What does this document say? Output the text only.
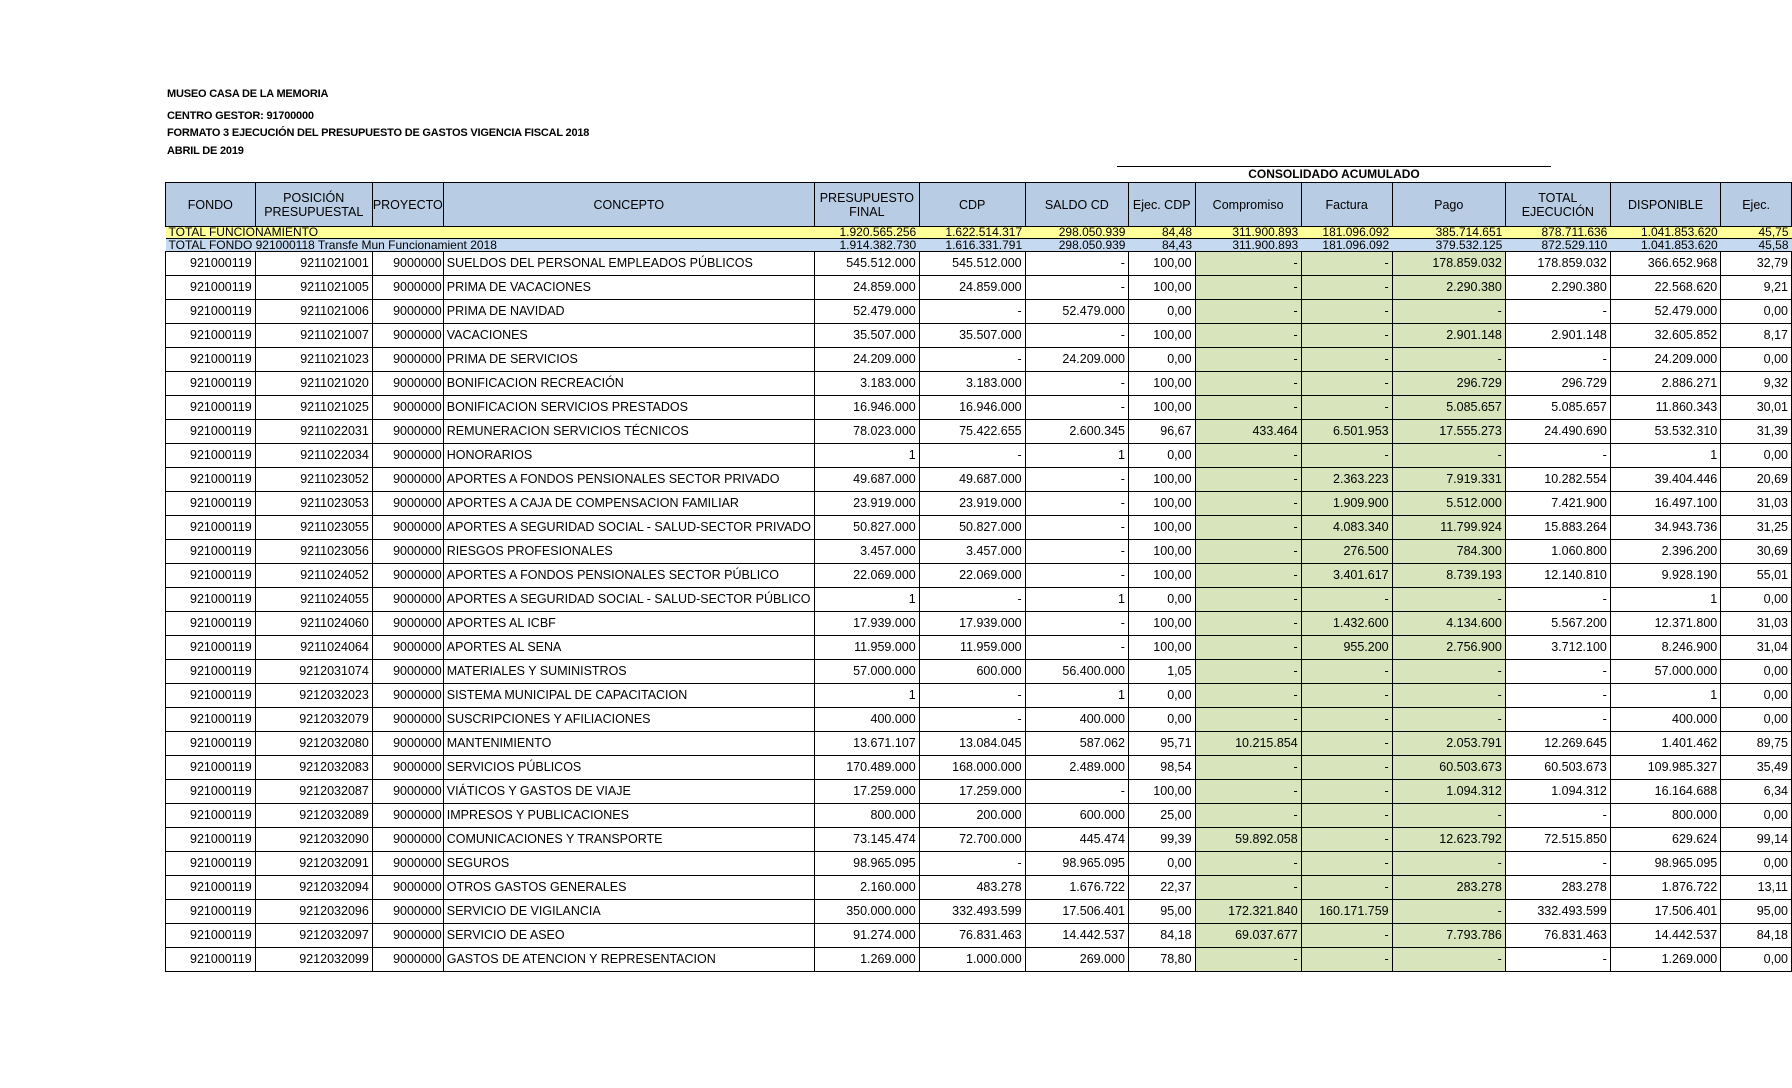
MUSEO CASA DE LA MEMORIA
CENTRO GESTOR: 91700000
FORMATO 3 EJECUCIÓN DEL PRESUPUESTO DE GASTOS VIGENCIA FISCAL 2018
ABRIL DE 2019
CONSOLIDADO ACUMULADO
FONDO	POSICIÓN PRESUPUESTAL	PROYECTO	CONCEPTO	PRESUPUESTO FINAL	CDP	SALDO CD	Ejec. CDP	Compromiso	Factura	Pago	TOTAL EJECUCIÓN	DISPONIBLE	Ejec.
TOTAL FUNCIONAMIENTO				1.920.565.256	1.622.514.317	298.050.939	84,48	311.900.893	181.096.092	385.714.651	878.711.636	1.041.853.620	45,75
TOTAL FONDO 921000118 Transfe Mun Funcionamient 2018				1.914.382.730	1.616.331.791	298.050.939	84,43	311.900.893	181.096.092	379.532.125	872.529.110	1.041.853.620	45,58
921000119	9211021001	9000000	SUELDOS DEL PERSONAL EMPLEADOS PÚBLICOS	545.512.000	545.512.000	-	100,00	-	-	178.859.032	178.859.032	366.652.968	32,79
921000119	9211021005	9000000	PRIMA DE VACACIONES	24.859.000	24.859.000	-	100,00	-	-	2.290.380	2.290.380	22.568.620	9,21
921000119	9211021006	9000000	PRIMA DE NAVIDAD	52.479.000	-	52.479.000	0,00	-	-	-	-	52.479.000	0,00
921000119	9211021007	9000000	VACACIONES	35.507.000	35.507.000	-	100,00	-	-	2.901.148	2.901.148	32.605.852	8,17
921000119	9211021023	9000000	PRIMA DE SERVICIOS	24.209.000	-	24.209.000	0,00	-	-	-	-	24.209.000	0,00
921000119	9211021020	9000000	BONIFICACION RECREACIÓN	3.183.000	3.183.000	-	100,00	-	-	296.729	296.729	2.886.271	9,32
921000119	9211021025	9000000	BONIFICACION SERVICIOS PRESTADOS	16.946.000	16.946.000	-	100,00	-	-	5.085.657	5.085.657	11.860.343	30,01
921000119	9211022031	9000000	REMUNERACION SERVICIOS TÉCNICOS	78.023.000	75.422.655	2.600.345	96,67	433.464	6.501.953	17.555.273	24.490.690	53.532.310	31,39
921000119	9211022034	9000000	HONORARIOS	1	-	1	0,00	-	-	-	-	1	0,00
921000119	9211023052	9000000	APORTES A FONDOS PENSIONALES SECTOR PRIVADO	49.687.000	49.687.000	-	100,00	-	2.363.223	7.919.331	10.282.554	39.404.446	20,69
921000119	9211023053	9000000	APORTES A CAJA DE COMPENSACION FAMILIAR	23.919.000	23.919.000	-	100,00	-	1.909.900	5.512.000	7.421.900	16.497.100	31,03
921000119	9211023055	9000000	APORTES A SEGURIDAD SOCIAL - SALUD-SECTOR PRIVADO	50.827.000	50.827.000	-	100,00	-	4.083.340	11.799.924	15.883.264	34.943.736	31,25
921000119	9211023056	9000000	RIESGOS PROFESIONALES	3.457.000	3.457.000	-	100,00	-	276.500	784.300	1.060.800	2.396.200	30,69
921000119	9211024052	9000000	APORTES A FONDOS PENSIONALES SECTOR PÚBLICO	22.069.000	22.069.000	-	100,00	-	3.401.617	8.739.193	12.140.810	9.928.190	55,01
921000119	9211024055	9000000	APORTES A SEGURIDAD SOCIAL - SALUD-SECTOR PÚBLICO	1	-	1	0,00	-	-	-	-	1	0,00
921000119	9211024060	9000000	APORTES AL ICBF	17.939.000	17.939.000	-	100,00	-	1.432.600	4.134.600	5.567.200	12.371.800	31,03
921000119	9211024064	9000000	APORTES AL SENA	11.959.000	11.959.000	-	100,00	-	955.200	2.756.900	3.712.100	8.246.900	31,04
921000119	9212031074	9000000	MATERIALES Y SUMINISTROS	57.000.000	600.000	56.400.000	1,05	-	-	-	-	57.000.000	0,00
921000119	9212032023	9000000	SISTEMA MUNICIPAL DE CAPACITACION	1	-	1	0,00	-	-	-	-	1	0,00
921000119	9212032079	9000000	SUSCRIPCIONES Y AFILIACIONES	400.000	-	400.000	0,00	-	-	-	-	400.000	0,00
921000119	9212032080	9000000	MANTENIMIENTO	13.671.107	13.084.045	587.062	95,71	10.215.854	-	2.053.791	12.269.645	1.401.462	89,75
921000119	9212032083	9000000	SERVICIOS PÚBLICOS	170.489.000	168.000.000	2.489.000	98,54	-	-	60.503.673	60.503.673	109.985.327	35,49
921000119	9212032087	9000000	VIÁTICOS Y GASTOS DE VIAJE	17.259.000	17.259.000	-	100,00	-	-	1.094.312	1.094.312	16.164.688	6,34
921000119	9212032089	9000000	IMPRESOS Y PUBLICACIONES	800.000	200.000	600.000	25,00	-	-	-	-	800.000	0,00
921000119	9212032090	9000000	COMUNICACIONES Y TRANSPORTE	73.145.474	72.700.000	445.474	99,39	59.892.058	-	12.623.792	72.515.850	629.624	99,14
921000119	9212032091	9000000	SEGUROS	98.965.095	-	98.965.095	0,00	-	-	-	-	98.965.095	0,00
921000119	9212032094	9000000	OTROS GASTOS GENERALES	2.160.000	483.278	1.676.722	22,37	-	-	283.278	283.278	1.876.722	13,11
921000119	9212032096	9000000	SERVICIO DE VIGILANCIA	350.000.000	332.493.599	17.506.401	95,00	172.321.840	160.171.759	-	332.493.599	17.506.401	95,00
921000119	9212032097	9000000	SERVICIO DE ASEO	91.274.000	76.831.463	14.442.537	84,18	69.037.677	-	7.793.786	76.831.463	14.442.537	84,18
921000119	9212032099	9000000	GASTOS DE ATENCION Y REPRESENTACION	1.269.000	1.000.000	269.000	78,80	-	-	-	-	1.269.000	0,00
